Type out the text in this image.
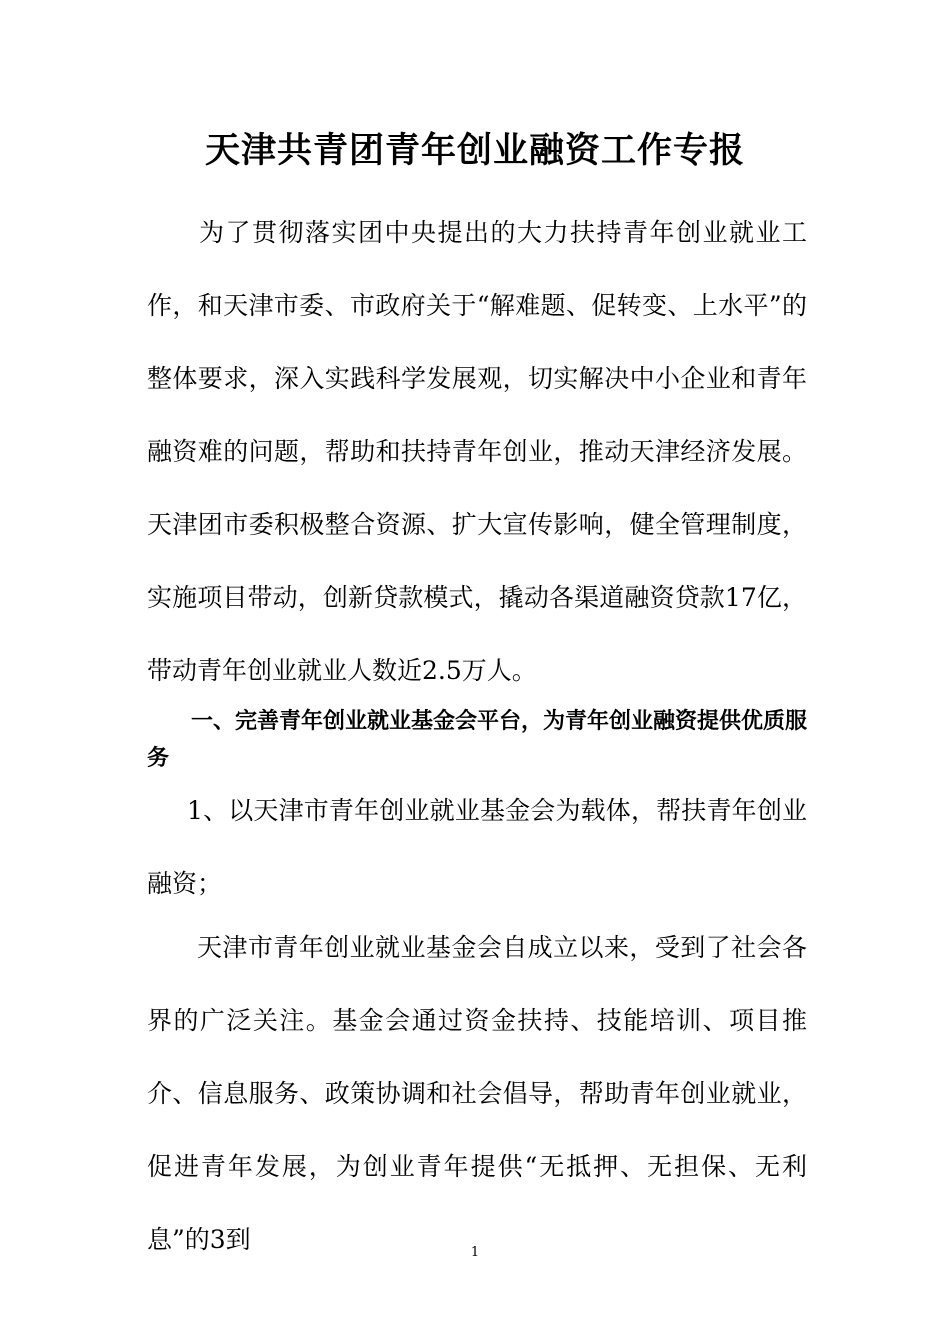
天津共青团青年创业融资工作专报
为了贯彻落实团中央提出的大力扶持青年创业就业工作，和天津市委、市政府关于“解难题、促转变、上水平”的整体要求，深入实践科学发展观，切实解决中小企业和青年融资难的问题，帮助和扶持青年创业，推动天津经济发展。天津团市委积极整合资源、扩大宣传影响，健全管理制度，实施项目带动，创新贷款模式，撬动各渠道融资贷款17亿，带动青年创业就业人数近2.5万人。
一、完善青年创业就业基金会平台，为青年创业融资提供优质服务
1、以天津市青年创业就业基金会为载体，帮扶青年创业 融资；
天津市青年创业就业基金会自成立以来，受到了社会各界的广泛关注。基金会通过资金扶持、技能培训、项目推介、信息服务、政策协调和社会倡导，帮助青年创业就业，促进青年发展，为创业青年提供“无抵押、无担保、无利息”的3到	1
